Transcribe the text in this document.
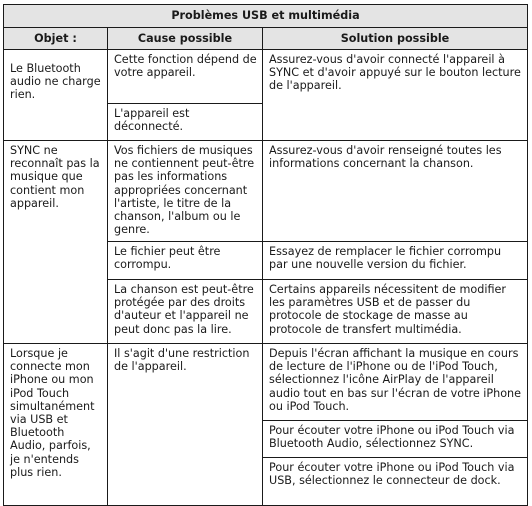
Problèmes USB et multimédia		
Objet :	Cause possible	Solution possible

Le Bluetooth audio ne charge rien.	Cette fonction dépend de votre appareil.	Assurez-vous d'avoir connecté l'appareil à SYNC et d'avoir appuyé sur le bouton lecture de l'appareil.

	L'appareil est déconnecté.	

SYNC ne reconnaît pas la musique que contient mon appareil.	Vos fichiers de musiques ne contiennent peut-être pas les informations appropriées concernant l'artiste, le titre de la chanson, l'album ou le genre.	Assurez-vous d'avoir renseigné toutes les informations concernant la chanson.

	Le fichier peut être corrompu.	Essayez de remplacer le fichier corrompu par une nouvelle version du fichier.

	La chanson est peut-être protégée par des droits d'auteur et l'appareil ne peut donc pas la lire.	Certains appareils nécessitent de modifier les paramètres USB et de passer du protocole de stockage de masse au protocole de transfert multimédia.

Lorsque je connecte mon iPhone ou mon iPod Touch simultanément via USB et Bluetooth Audio, parfois, je n'entends plus rien.	Il s'agit d'une restriction de l'appareil.	Depuis l'écran affichant la musique en cours de lecture de l'iPhone ou de l'iPod Touch, sélectionnez l'icône AirPlay de l'appareil audio tout en bas sur l'écran de votre iPhone ou iPod Touch.

		Pour écouter votre iPhone ou iPod Touch via Bluetooth Audio, sélectionnez SYNC.

		Pour écouter votre iPhone ou iPod Touch via USB, sélectionnez le connecteur de dock.
